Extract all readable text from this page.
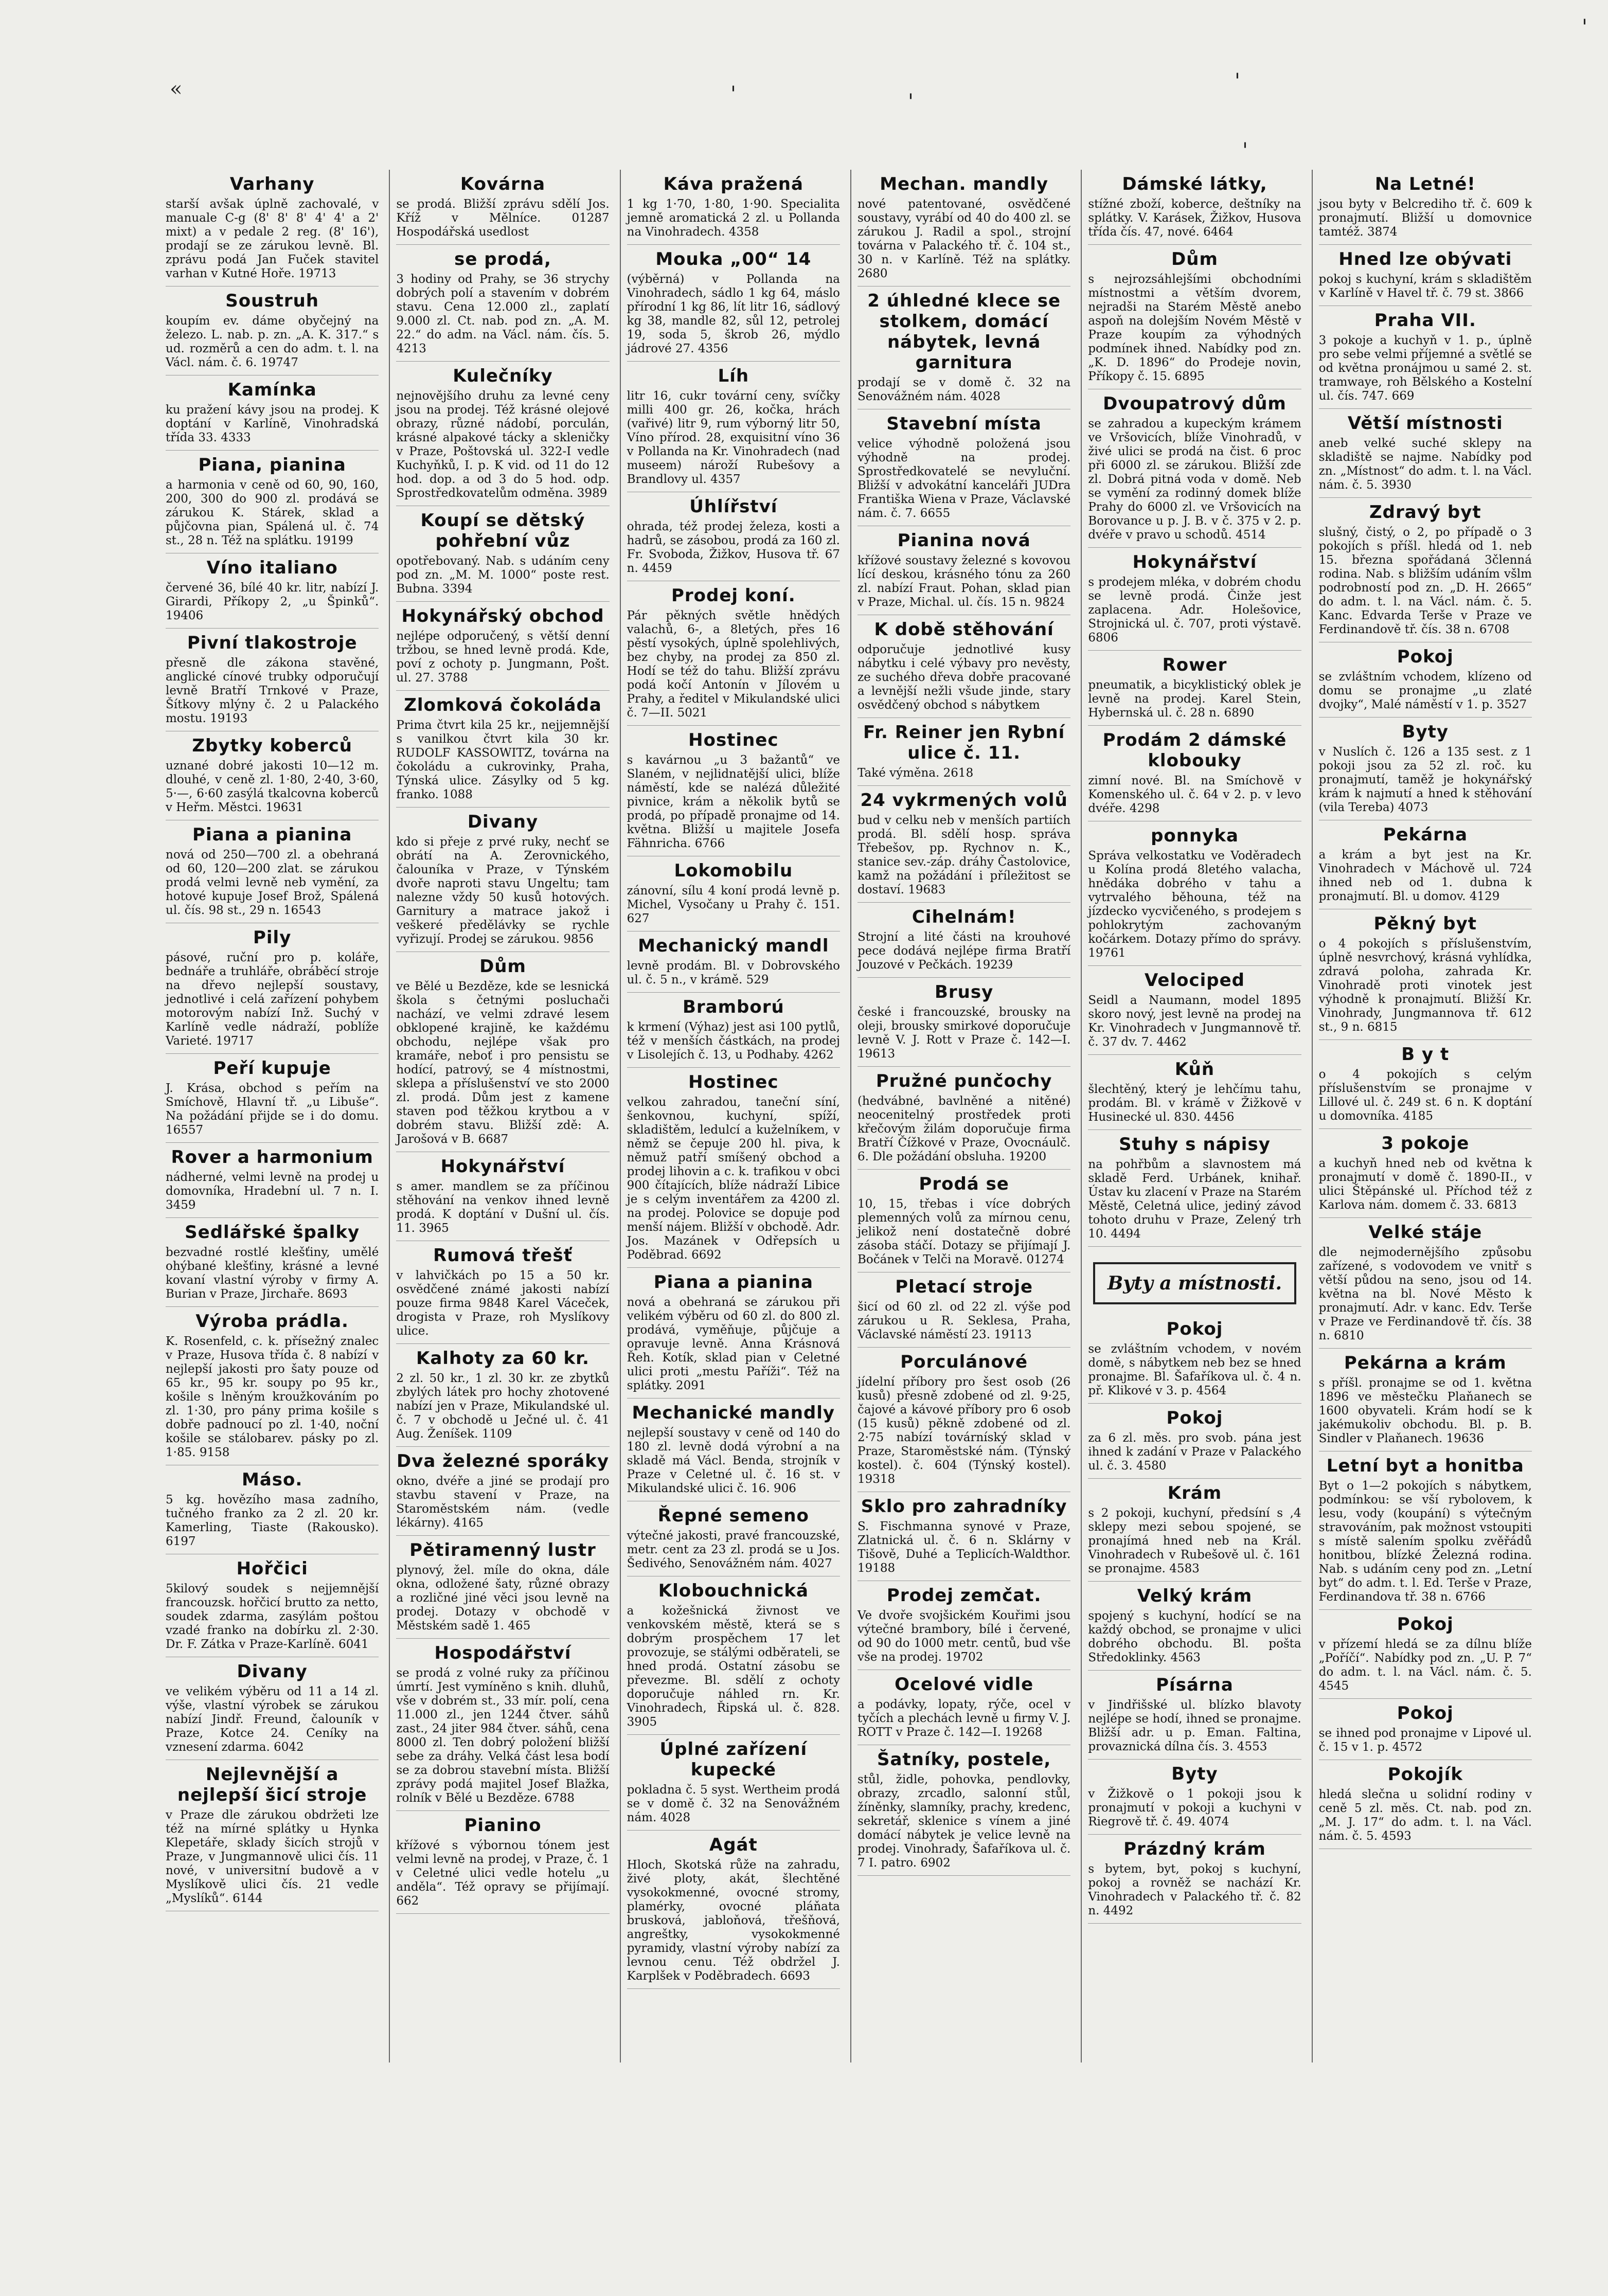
«	'	'
'
'
'
Varhany

starší avšak úplně zachovalé, v manuale C-g (8' 8' 8' 4' 4' a 2' mixt) a v pedale 2 reg. (8' 16'), prodají se ze zárukou levně. Bl. zprávu podá Jan Fuček stavitel varhan v Kutné Hoře. 19713

Soustruh

koupím ev. dáme obyčejný na železo. L. nab. p. zn. „A. K. 317.“ s ud. rozměrů a cen do adm. t. l. na Václ. nám. č. 6. 19747

Kamínka

ku pražení kávy jsou na prodej. K doptání v Karlíně, Vinohradská třída 33. 4333

Piana, pianina

a harmonia v ceně od 60, 90, 160, 200, 300 do 900 zl. prodává se zárukou K. Stárek, sklad a půjčovna pian, Spálená ul. č. 74 st., 28 n. Též na splátku. 19199

Víno italiano

červené 36, bílé 40 kr. litr, nabízí J. Girardi, Příkopy 2, „u Špinků“. 19406

Pivní tlakostroje

přesně dle zákona stavěné, anglické cínové trubky odporučují levně Bratří Trnkové v Praze, Šítkovy mlýny č. 2 u Palackého mostu. 19193

Zbytky koberců

uznané dobré jakosti 10—12 m. dlouhé, v ceně zl. 1·80, 2·40, 3·60, 5·—, 6·60 zasýlá tkalcovna koberců v Heřm. Městci. 19631

Piana a pianina

nová od 250—700 zl. a obehraná od 60, 120—200 zlat. se zárukou prodá velmi levně neb vymění, za hotové kupuje Josef Brož, Spálená ul. čís. 98 st., 29 n. 16543

Pily

pásové, ruční pro p. koláře, bednáře a truhláře, obráběcí stroje na dřevo nejlepší soustavy, jednotlivé i celá zařízení pohybem motorovým nabízí Inž. Suchý v Karlíně vedle nádraží, poblíže Varieté. 19717

Peří kupuje

J. Krása, obchod s peřím na Smíchově, Hlavní tř. „u Libuše“. Na požádání přijde se i do domu. 16557

Rover a harmonium

nádherné, velmi levně na prodej u domovníka, Hradební ul. 7 n. I. 3459

Sedlářské špalky

bezvadné rostlé klešťiny, umělé ohýbané klešťiny, krásné a levné kovaní vlastní výroby v firmy A. Burian v Praze, Jirchaře. 8693

Výroba prádla.

K. Rosenfeld, c. k. přísežný znalec v Praze, Husova třída č. 8 nabízí v nejlepší jakosti pro šaty pouze od 65 kr., 95 kr. soupy po 95 kr., košile s lněným kroužkováním po zl. 1·30, pro pány prima košile s dobře padnoucí po zl. 1·40, noční košile se stálobarev. pásky po zl. 1·85. 9158

Máso.

5 kg. hovězího masa zadního, tučného franko za 2 zl. 20 kr. Kamerling, Tiaste (Rakousko). 6197

Hořčici

5kilový soudek s nejjemnější francouzsk. hořčicí brutto za netto, soudek zdarma, zasýlám poštou vzadé franko na dobírku zl. 2·30. Dr. F. Zátka v Praze-Karlíně. 6041

Divany

ve velikém výběru od 11 a 14 zl. výše, vlastní výrobek se zárukou nabízí Jindř. Freund, čalouník v Praze, Kotce 24. Ceníky na vznesení zdarma. 6042

Nejlevnější a nejlepší šicí stroje

v Praze dle zárukou obdržeti lze též na mírné splátky u Hynka Klepetáře, sklady šicích strojů v Praze, v Jungmannově ulici čís. 11 nové, v universitní budově a v Myslíkově ulici čís. 21 vedle „Myslíků“. 6144

Kovárna

se prodá. Bližší zprávu sdělí Jos. Kříž v Mělníce. 01287 Hospodářská usedlost

se prodá,

3 hodiny od Prahy, se 36 strychy dobrých polí a stavením v dobrém stavu. Cena 12.000 zl., zaplatí 9.000 zl. Ct. nab. pod zn. „A. M. 22.“ do adm. na Václ. nám. čís. 5. 4213

Kulečníky

nejnovějšího druhu za levné ceny jsou na prodej. Též krásné olejové obrazy, různé nádobí, porculán, krásné alpakové tácky a skleničky v Praze, Poštovská ul. 322-I vedle Kuchyňků, I. p. K vid. od 11 do 12 hod. dop. a od 3 do 5 hod. odp. Sprostředkovatelům odměna. 3989

Koupí se dětský pohřební vůz

opotřebovaný. Nab. s udáním ceny pod zn. „M. M. 1000“ poste rest. Bubna. 3394

Hokynářský obchod

nejlépe odporučený, s větší denní tržbou, se hned levně prodá. Kde, poví z ochoty p. Jungmann, Pošt. ul. 27. 3788

Zlomková čokoláda

Prima čtvrt kila 25 kr., nejjemnější s vanilkou čtvrt kila 30 kr. RUDOLF KASSOWITZ, továrna na čokoládu a cukrovinky, Praha, Týnská ulice. Zásylky od 5 kg. franko. 1088

Divany

kdo si přeje z prvé ruky, nechť se obrátí na A. Zerovnického, čalouníka v Praze, v Týnském dvoře naproti stavu Ungeltu; tam nalezne vždy 50 kusů hotových. Garnitury a matrace jakož i veškeré předělávky se rychle vyřizují. Prodej se zárukou. 9856

Dům

ve Bělé u Bezděze, kde se lesnická škola s četnými posluchači nachází, ve velmi zdravé lesem obklopené krajině, ke každému obchodu, nejlépe však pro kramáře, neboť i pro pensistu se hodící, patrový, se 4 místnostmi, sklepa a příslušenství ve sto 2000 zl. prodá. Dům jest z kamene staven pod těžkou krytbou a v dobrém stavu. Bližší zdě: A. Jarošová v B. 6687

Hokynářství

s amer. mandlem se za příčinou stěhování na venkov ihned levně prodá. K doptání v Dušní ul. čís. 11. 3965

Rumová třešť

v lahvičkách po 15 a 50 kr. osvědčené známé jakosti nabízí pouze firma 9848 Karel Váceček, drogista v Praze, roh Myslíkovy ulice.

Kalhoty za 60 kr.

2 zl. 50 kr., 1 zl. 30 kr. ze zbytků zbylých látek pro hochy zhotovené nabízí jen v Praze, Mikulandské ul. č. 7 v obchodě u Ječné ul. č. 41 Aug. Ženíšek. 1109

Dva železné sporáky

okno, dvéře a jiné se prodají pro stavbu stavení v Praze, na Staroměstském nám. (vedle lékárny). 4165

Pětiramenný lustr

plynový, žel. míle do okna, dále okna, odložené šaty, různé obrazy a rozličné jiné věci jsou levně na prodej. Dotazy v obchodě v Městském sadě 1. 465

Hospodářství

se prodá z volné ruky za příčinou úmrtí. Jest vymíněno s knih. dluhů, vše v dobrém st., 33 mír. polí, cena 11.000 zl., jen 1244 čtver. sáhů zast., 24 jiter 984 čtver. sáhů, cena 8000 zl. Ten dobrý položení bližší sebe za dráhy. Velká část lesa bodí se za dobrou stavební místa. Bližší zprávy podá majitel Josef Blažka, rolník v Bělé u Bezděze. 6788

Pianino

křížové s výbornou tónem jest velmi levně na prodej, v Praze, č. 1 v Celetné ulici vedle hotelu „u anděla“. Též opravy se přijímají. 662

Káva pražená

1 kg 1·70, 1·80, 1·90. Specialita jemně aromatická 2 zl. u Pollanda na Vinohradech. 4358

Mouka „00“ 14

(výběrná) v Pollanda na Vinohradech, sádlo 1 kg 64, máslo přírodní 1 kg 86, lít litr 16, sádlový kg 38, mandle 82, sůl 12, petrolej 19, soda 5, škrob 26, mýdlo jádrové 27. 4356

Líh

litr 16, cukr tovární ceny, svíčky milli 400 gr. 26, kočka, hrách (vařivé) litr 9, rum výborný litr 50, Víno přírod. 28, exquisitní víno 36 v Pollanda na Kr. Vinohradech (nad museem) nároží Rubešovy a Brandlovy ul. 4357

Úhlířství

ohrada, též prodej železa, kosti a hadrů, se zásobou, prodá za 160 zl. Fr. Svoboda, Žižkov, Husova tř. 67 n. 4459

Prodej koní.

Pár pěkných světle hnědých valachů, 6-, a 8letých, přes 16 pěstí vysokých, úplně spolehlivých, bez chyby, na prodej za 850 zl. Hodí se též do tahu. Bližší zprávu podá kočí Antonín v Jílovém u Prahy, a ředitel v Mikulandské ulici č. 7—II. 5021

Hostinec

s kavárnou „u 3 bažantů“ ve Slaném, v nejlidnatější ulici, blíže náměstí, kde se nalézá důležité pivnice, krám a několik bytů se prodá, po případě pronajme od 14. května. Bližší u majitele Josefa Fähnricha. 6766

Lokomobilu

zánovní, sílu 4 koní prodá levně p. Michel, Vysočany u Prahy č. 151. 627

Mechanický mandl

levně prodám. Bl. v Dobrovského ul. č. 5 n., v krámě. 529

Bramború

k krmení (Výhaz) jest asi 100 pytlů, též v menších částkách, na prodej v Lisolejích č. 13, u Podhaby. 4262

Hostinec

velkou zahradou, taneční síní, šenkovnou, kuchyní, spíží, skladištěm, ledulcí a kuželníkem, v němž se čepuje 200 hl. piva, k němuž patří smíšený obchod a prodej lihovin a c. k. trafikou v obci 900 čítajících, blíže nádraží Libice je s celým inventářem za 4200 zl. na prodej. Polovice se dopuje pod menší nájem. Bližší v obchodě. Adr. Jos. Mazánek v Odřepsích u Poděbrad. 6692

Piana a pianina

nová a obehraná se zárukou při velikém výběru od 60 zl. do 800 zl. prodává, vyměňuje, půjčuje a opravuje levně. Anna Krásnová Řeh. Kotík, sklad pian v Celetné ulici proti „mestu Paříži“. Též na splátky. 2091

Mechanické mandly

nejlepší soustavy v ceně od 140 do 180 zl. levně dodá výrobní a na skladě má Václ. Benda, strojník v Praze v Celetné ul. č. 16 st. v Mikulandské ulici č. 16. 906

Řepné semeno

výtečné jakosti, pravé francouzské, metr. cent za 23 zl. prodá se u Jos. Šedivého, Senovážném nám. 4027

Klobouchnická

a kožešnická živnost ve venkovském městě, která se s dobrým prospěchem 17 let provozuje, se stálými odběrateli, se hned prodá. Ostatní zásobu se převezme. Bl. sdělí z ochoty doporučuje náhled rn. Kr. Vinohradech, Řipská ul. č. 828. 3905

Úplné zařízení kupecké

pokladna č. 5 syst. Wertheim prodá se v domě č. 32 na Senovážném nám. 4028

Agát

Hloch, Skotská růže na zahradu, živé ploty, akát, šlechtěné vysokokmenné, ovocné stromy, plamérky, ovocné pláňata brusková, jabloňová, třešňová, angreštky, vysokokmenné pyramidy, vlastní výroby nabízí za levnou cenu. Též obdržel J. Karplšek v Poděbradech. 6693

Mechan. mandly

nové patentované, osvědčené soustavy, vyrábí od 40 do 400 zl. se zárukou J. Radil a spol., strojní továrna v Palackého tř. č. 104 st., 30 n. v Karlíně. Též na splátky. 2680

2 úhledné klece se stolkem, domácí nábytek, levná garnitura

prodají se v domě č. 32 na Senovážném nám. 4028

Stavební místa

velice výhodně položená jsou výhodně na prodej. Sprostředkovatelé se nevyluční. Bližší v advokátní kanceláři JUDra Františka Wiena v Praze, Václavské nám. č. 7. 6655

Pianina nová

křížové soustavy železné s kovovou lící deskou, krásného tónu za 260 zl. nabízí Fraut. Pohan, sklad pian v Praze, Michal. ul. čís. 15 n. 9824

K době stěhování

odporučuje jednotlivé kusy nábytku i celé výbavy pro nevěsty, ze suchého dřeva dobře pracované a levnější nežli všude jinde, stary osvědčený obchod s nábytkem

Fr. Reiner jen Rybní ulice č. 11.

Také výměna. 2618

24 vykrmených volů

bud v celku neb v menších partiích prodá. Bl. sdělí hosp. správa Třebešov, pp. Rychnov n. K., stanice sev.-záp. dráhy Častolovice, kamž na požádání i příležitost se dostaví. 19683

Cihelnám!

Strojní a lité části na krouhové pece dodává nejlépe firma Bratří Jouzové v Pečkách. 19239

Brusy

české i francouzské, brousky na oleji, brousky smirkové doporučuje levně V. J. Rott v Praze č. 142—I. 19613

Pružné punčochy

(hedvábné, bavlněné a nitěné) neocenitelný prostředek proti křečovým žilám doporučuje firma Bratří Čížkové v Praze, Ovocnáulč. 6. Dle požádání obsluha. 19200

Prodá se

10, 15, třebas i více dobrých plemenných volů za mírnou cenu, jelikož není dostatečně dobré zásoba stáčí. Dotazy se přijímají J. Bočánek v Telči na Moravě. 01274

Pletací stroje

šicí od 60 zl. od 22 zl. výše pod zárukou u R. Seklesa, Praha, Václavské náměstí 23. 19113

Porculánové

jídelní příbory pro šest osob (26 kusů) přesně zdobené od zl. 9·25, čajové a kávové příbory pro 6 osob (15 kusů) pěkně zdobené od zl. 2·75 nabízí továrníský sklad v Praze, Staroměstské nám. (Týnský kostel). č. 604 (Týnský kostel). 19318

Sklo pro zahradníky

S. Fischmanna synové v Praze, Zlatnická ul. č. 6 n. Sklárny v Tišově, Duhé a Teplicích-Waldthor. 19188

Prodej zemčat.

Ve dvoře svojšickém Kouřimi jsou výtečné brambory, bílé i červené, od 90 do 1000 metr. centů, bud vše vše na prodej. 19702

Ocelové vidle

a podávky, lopaty, rýče, ocel v tyčích a plechách levně u firmy V. J. ROTT v Praze č. 142—I. 19268

Šatníky, postele,

stůl, židle, pohovka, pendlovky, obrazy, zrcadlo, salonní stůl, žíněnky, slamníky, prachy, kredenc, sekretář, sklenice s vínem a jiné domácí nábytek je velice levně na prodej. Vinohrady, Šafaříkova ul. č. 7 I. patro. 6902

Dámské látky,

stížné zboží, koberce, deštníky na splátky. V. Karásek, Žižkov, Husova třída čís. 47, nové. 6464

Dům

s nejrozsáhlejšími obchodními místnostmi a větším dvorem, nejradši na Starém Městě anebo aspoň na dolejším Novém Městě v Praze koupím za výhodných podmínek ihned. Nabídky pod zn. „K. D. 1896“ do Prodeje novin, Příkopy č. 15. 6895

Dvoupatrový dům

se zahradou a kupeckým krámem ve Vršovicích, blíže Vinohradů, v živé ulici se prodá na čist. 6 proc při 6000 zl. se zárukou. Bližší zde zl. Dobrá pitná voda v domě. Neb se vymění za rodinný domek blíže Prahy do 6000 zl. ve Vršovicích na Borovance u p. J. B. v č. 375 v 2. p. dvéře v pravo u schodů. 4514

Hokynářství

s prodejem mléka, v dobrém chodu se levně prodá. Činže jest zaplacena. Adr. Holešovice, Strojnická ul. č. 707, proti výstavě. 6806

Rower

pneumatik, a bicyklistický oblek je levně na prodej. Karel Stein, Hybernská ul. č. 28 n. 6890

Prodám 2 dámské klobouky

zimní nové. Bl. na Smíchově v Komenského ul. č. 64 v 2. p. v levo dvéře. 4298

ponnyka

Správa velkostatku ve Voděradech u Kolína prodá 8letého valacha, hnědáka dobrého v tahu a vytrvalého běhouna, též na jízdecko vycvičeného, s prodejem s pohlokrytým zachovaným kočárkem. Dotazy přímo do správy. 19761

Velociped

Seidl a Naumann, model 1895 skoro nový, jest levně na prodej na Kr. Vinohradech v Jungmannově tř. č. 37 dv. 7. 4462

Kůň

šlechtěný, který je lehčímu tahu, prodám. Bl. v krámě v Žižkově v Husinecké ul. 830. 4456

Stuhy s nápisy

na pohřbům a slavnostem má skladě Ferd. Urbánek, knihař. Ústav ku zlacení v Praze na Starém Městě, Celetná ulice, jediný závod tohoto druhu v Praze, Zelený trh 10. 4494

Byty a místnosti.
Pokoj

se zvláštním vchodem, v novém domě, s nábytkem neb bez se hned pronajme. Bl. Šafaříkova ul. č. 4 n. př. Klikové v 3. p. 4564

Pokoj

za 6 zl. měs. pro svob. pána jest ihned k zadání v Praze v Palackého ul. č. 3. 4580

Krám

s 2 pokoji, kuchyní, předsíní s ,4 sklepy mezi sebou spojené, se pronajímá hned neb na Král. Vinohradech v Rubešově ul. č. 161 se pronajme. 4583

Velký krám

spojený s kuchyní, hodící se na každý obchod, se pronajme v ulici dobrého obchodu. Bl. pošta Středoklinky. 4563

Písárna

v Jindřišské ul. blízko blavoty nejlépe se hodí, ihned se pronajme. Bližší adr. u p. Eman. Faltina, provaznická dílna čís. 3. 4553

Byty

v Žižkově o 1 pokoji jsou k pronajmutí v pokoji a kuchyni v Riegrově tř. č. 49. 4074

Prázdný krám

s bytem, byt, pokoj s kuchyní, pokoj a rovněž se nachází Kr. Vinohradech v Palackého tř. č. 82 n. 4492

Na Letné!

jsou byty v Belcrediho tř. č. 609 k pronajmutí. Bližší u domovnice tamtéž. 3874

Hned lze obývati

pokoj s kuchyní, krám s skladištěm v Karlíně v Havel tř. č. 79 st. 3866

Praha VII.

3 pokoje a kuchyň v 1. p., úplně pro sebe velmi příjemné a světlé se od května pronájmou u samé 2. st. tramwaye, roh Bělského a Kostelní ul. čís. 747. 669

Větší místnosti

aneb velké suché sklepy na skladiště se najme. Nabídky pod zn. „Místnost“ do adm. t. l. na Václ. nám. č. 5. 3930

Zdravý byt

slušný, čistý, o 2, po případě o 3 pokojích s příšl. hledá od 1. neb 15. března spořádaná 3členná rodina. Nab. s bližším udáním všlm podrobností pod zn. „D. H. 2665“ do adm. t. l. na Václ. nám. č. 5. Kanc. Edvarda Terše v Praze ve Ferdinandově tř. čís. 38 n. 6708

Pokoj

se zvláštním vchodem, klízeno od domu se pronajme „u zlaté dvojky“, Malé náměstí v 1. p. 3527

Byty

v Nuslích č. 126 a 135 sest. z 1 pokoji jsou za 52 zl. roč. ku pronajmutí, taměž je hokynářský krám k najmutí a hned k stěhování (vila Tereba) 4073

Pekárna

a krám a byt jest na Kr. Vinohradech v Máchově ul. 724 ihned neb od 1. dubna k pronajmutí. Bl. u domov. 4129

Pěkný byt

o 4 pokojích s příslušenstvím, úplně nesvrchový, krásná vyhlídka, zdravá poloha, zahrada Kr. Vinohradě proti vinotek jest výhodně k pronajmutí. Bližší Kr. Vinohrady, Jungmannova tř. 612 st., 9 n. 6815

B y t

o 4 pokojích s celým příslušenstvím se pronajme v Lillové ul. č. 249 st. 6 n. K doptání u domovníka. 4185

3 pokoje

a kuchyň hned neb od května k pronajmutí v domě č. 1890-II., v ulici Štěpánské ul. Příchod též z Karlova nám. domem č. 33. 6813

Velké stáje

dle nejmodernějšího způsobu zařízené, s vodovodem ve vnitř s větší půdou na seno, jsou od 14. května na bl. Nové Město k pronajmutí. Adr. v kanc. Edv. Terše v Praze ve Ferdinandově tř. čís. 38 n. 6810

Pekárna a krám

s příšl. pronajme se od 1. května 1896 ve městečku Plaňanech se 1600 obyvateli. Krám hodí se k jakémukoliv obchodu. Bl. p. B. Sindler v Plaňanech. 19636

Letní byt a honitba

Byt o 1—2 pokojích s nábytkem, podmínkou: se vší rybolovem, k lesu, vody (koupání) s výtečným stravováním, pak možnost vstoupiti s místě salením spolku zvěřádů honitbou, blízké Železná rodina. Nab. s udáním ceny pod zn. „Letní byt“ do adm. t. l. Ed. Terše v Praze, Ferdinandova tř. 38 n. 6766

Pokoj

v přízemí hledá se za dílnu blíže „Poříčí“. Nabídky pod zn. „U. P. 7“ do adm. t. l. na Václ. nám. č. 5. 4545

Pokoj

se ihned pod pronajme v Lipové ul. č. 15 v 1. p. 4572

Pokojík

hledá slečna u solidní rodiny v ceně 5 zl. měs. Ct. nab. pod zn. „M. J. 17“ do adm. t. l. na Václ. nám. č. 5. 4593
